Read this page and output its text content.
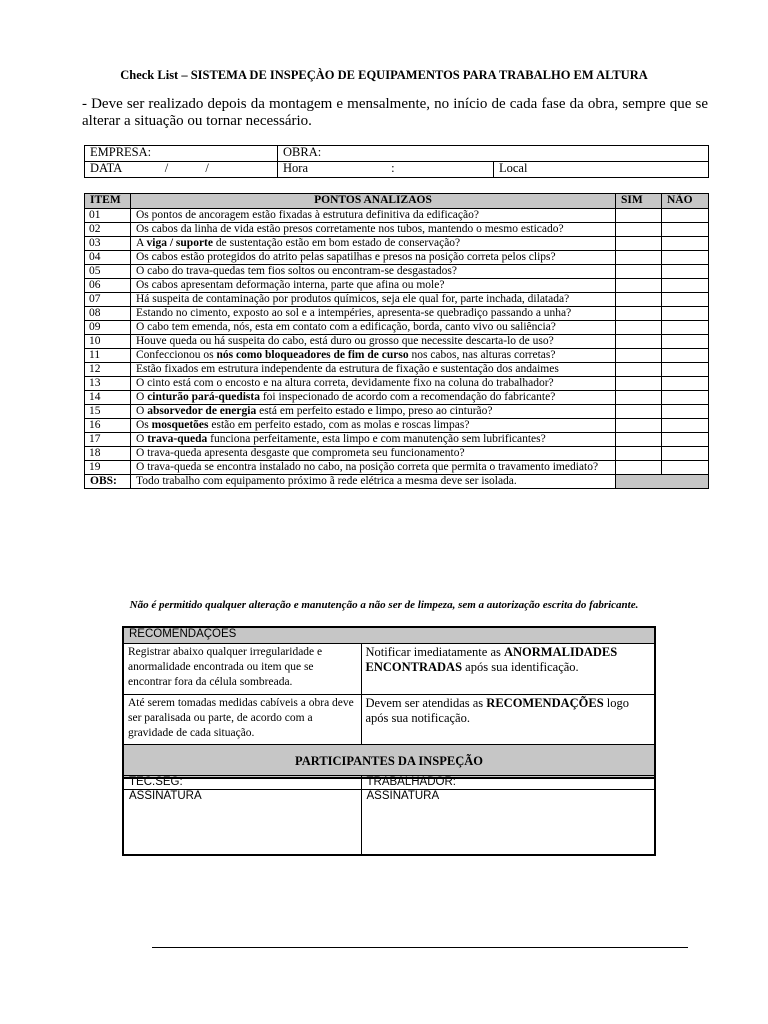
Check List – SISTEMA DE INSPEÇÀO DE EQUIPAMENTOS PARA TRABALHO EM ALTURA
- Deve ser realizado depois da montagem e mensalmente, no início de cada fase da obra, sempre que se alterar a situação ou tornar necessário.
EMPRESA:	OBRA:	
DATA / /	Hora :	Local
ITEM	PONTOS ANALIZAOS	SIM	NÃO
01	Os pontos de ancoragem estão fixadas à estrutura definitiva da edificação?		
02	Os cabos da linha de vida estão presos corretamente nos tubos, mantendo o mesmo esticado?		
03	A viga / suporte de sustentação estão em bom estado de conservação?		
04	Os cabos estão protegidos do atrito pelas sapatilhas e presos na posição correta pelos clips?		
05	O cabo do trava-quedas tem fios soltos ou encontram-se desgastados?		
06	Os cabos apresentam deformação interna, parte que afina ou mole?		
07	Há suspeita de contaminação por produtos químicos, seja ele qual for, parte inchada, dilatada?		
08	Estando no cimento, exposto ao sol e a intempéries, apresenta-se quebradiço passando a unha?		
09	O cabo tem emenda, nós, esta em contato com a edificação, borda, canto vivo ou saliência?		
10	Houve queda ou há suspeita do cabo, está duro ou grosso que necessite descarta-lo de uso?		
11	Confeccionou os nós como bloqueadores de fim de curso nos cabos, nas alturas corretas?		
12	Estão fixados em estrutura independente da estrutura de fixação e sustentação dos andaimes		
13	O cinto está com o encosto e na altura correta, devidamente fixo na coluna do trabalhador?		
14	O cinturão pará-quedista foi inspecionado de acordo com a recomendação do fabricante?		
15	O absorvedor de energia está em perfeito estado e limpo, preso ao cinturão?		
16	Os mosquetões estão em perfeito estado, com as molas e roscas limpas?		
17	O trava-queda funciona perfeitamente, esta limpo e com manutenção sem lubrificantes?		
18	O trava-queda apresenta desgaste que comprometa seu funcionamento?		
19	O trava-queda se encontra instalado no cabo, na posição correta que permita o travamento imediato?		
OBS:	Todo trabalho com equipamento próximo ã rede elétrica a mesma deve ser isolada.		
Não é permitido qualquer alteração e manutenção a não ser de limpeza, sem a autorização escrita do fabricante.
RECOMENDAÇÕES	
Registrar abaixo qualquer irregularidade e anormalidade encontrada ou item que se encontrar fora da célula sombreada.	Notificar imediatamente as ANORMALIDADES ENCONTRADAS após sua identificação.
Até serem tomadas medidas cabíveis a obra deve ser paralisada ou parte, de acordo com a gravidade de cada situação.	Devem ser atendidas as RECOMENDAÇÕES logo após sua notificação.
PARTICIPANTES DA INSPEÇÃO	
TEC.SEG:	TRABALHADOR:
ASSINATURA	ASSINATURA
